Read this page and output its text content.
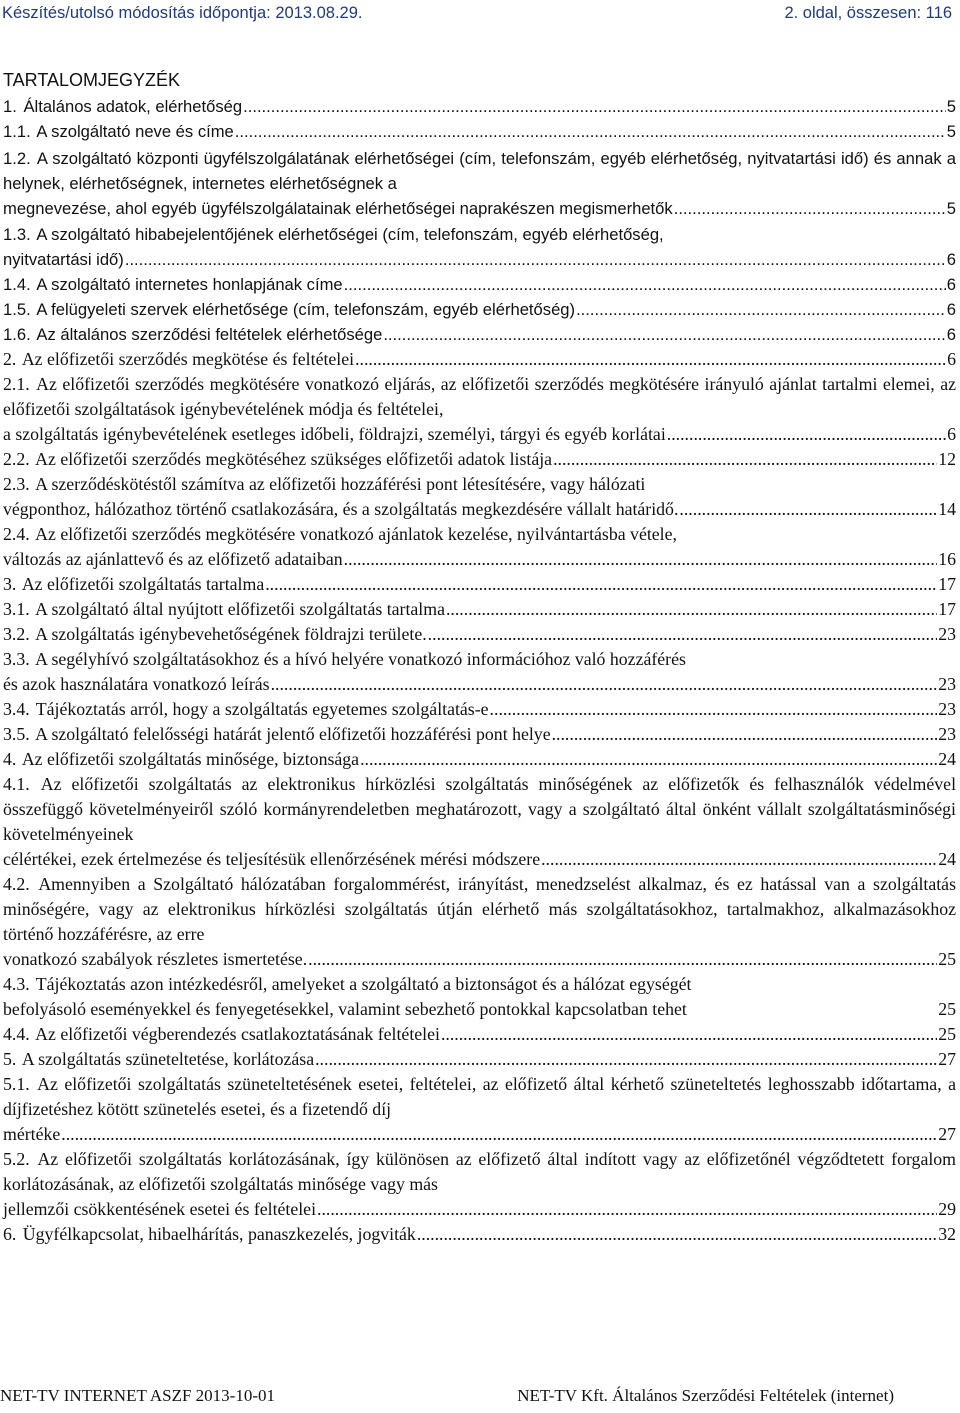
Készítés/utolsó módosítás időpontja: 2013.08.29.	2. oldal, összesen: 116
TARTALOMJEGYZÉK
1. Általános adatok, elérhetőség .....	5
1.1. A szolgáltató neve és címe .....	5
1.2. A szolgáltató központi ügyfélszolgálatának elérhetőségei (cím, telefonszám, egyéb elérhetőség, nyitvatartási idő) és annak a helynek, elérhetőségnek, internetes elérhetőségnek a
megnevezése, ahol egyéb ügyfélszolgálatainak elérhetőségei naprakészen megismerhetők .....	5
1.3. A szolgáltató hibabejelentőjének elérhetőségei (cím, telefonszám, egyéb elérhetőség,
nyitvatartási idő) .....	6
1.4. A szolgáltató internetes honlapjának címe .....	6
1.5. A felügyeleti szervek elérhetősége (cím, telefonszám, egyéb elérhetőség) .....	6
1.6. Az általános szerződési feltételek elérhetősége .....	6
2. Az előfizetői szerződés megkötése és feltételei .....	6
2.1. Az előfizetői szerződés megkötésére vonatkozó eljárás, az előfizetői szerződés megkötésére irányuló ajánlat tartalmi elemei, az előfizetői szolgáltatások igénybevételének módja és feltételei,
a szolgáltatás igénybevételének esetleges időbeli, földrajzi, személyi, tárgyi és egyéb korlátai .....	6
2.2. Az előfizetői szerződés megkötéséhez szükséges előfizetői adatok listája .....	12
2.3. A szerződéskötéstől számítva az előfizetői hozzáférési pont létesítésére, vagy hálózati
végponthoz, hálózathoz történő csatlakozására, és a szolgáltatás megkezdésére vállalt határidő. .....	14
2.4. Az előfizetői szerződés megkötésére vonatkozó ajánlatok kezelése, nyilvántartásba vétele,
változás az ajánlattevő és az előfizető adataiban .....	16
3. Az előfizetői szolgáltatás tartalma .....	17
3.1. A szolgáltató által nyújtott előfizetői szolgáltatás tartalma .....	17
3.2. A szolgáltatás igénybevehetőségének földrajzi területe. .....	23
3.3. A segélyhívó szolgáltatásokhoz és a hívó helyére vonatkozó információhoz való hozzáférés
és azok használatára vonatkozó leírás .....	23
3.4. Tájékoztatás arról, hogy a szolgáltatás egyetemes szolgáltatás-e .....	23
3.5. A szolgáltató felelősségi határát jelentő előfizetői hozzáférési pont helye .....	23
4. Az előfizetői szolgáltatás minősége, biztonsága .....	24
4.1. Az előfizetői szolgáltatás az elektronikus hírközlési szolgáltatás minőségének az előfizetők és felhasználók védelmével összefüggő követelményeiről szóló kormányrendeletben meghatározott, vagy a szolgáltató által önként vállalt szolgáltatásminőségi követelményeinek
célértékei, ezek értelmezése és teljesítésük ellenőrzésének mérési módszere .....	24
4.2. Amennyiben a Szolgáltató hálózatában forgalommérést, irányítást, menedzselést alkalmaz, és ez hatással van a szolgáltatás minőségére, vagy az elektronikus hírközlési szolgáltatás útján elérhető más szolgáltatásokhoz, tartalmakhoz, alkalmazásokhoz történő hozzáférésre, az erre
vonatkozó szabályok részletes ismertetése. .....	25
4.3. Tájékoztatás azon intézkedésről, amelyeket a szolgáltató a biztonságot és a hálózat egységét
befolyásoló eseményekkel és fenyegetésekkel, valamint sebezhető pontokkal kapcsolatban tehet	25
4.4. Az előfizetői végberendezés csatlakoztatásának feltételei .....	25
5. A szolgáltatás szüneteltetése, korlátozása .....	27
5.1. Az előfizetői szolgáltatás szüneteltetésének esetei, feltételei, az előfizető által kérhető szüneteltetés leghosszabb időtartama, a díjfizetéshez kötött szünetelés esetei, és a fizetendő díj
mértéke .....	27
5.2. Az előfizetői szolgáltatás korlátozásának, így különösen az előfizető által indított vagy az előfizetőnél végződtetett forgalom korlátozásának, az előfizetői szolgáltatás minősége vagy más
jellemzői csökkentésének esetei és feltételei .....	29
6. Ügyfélkapcsolat, hibaelhárítás, panaszkezelés, jogviták .....	32
NET-TV INTERNET ASZF 2013-10-01	NET-TV Kft. Általános Szerződési Feltételek (internet)
